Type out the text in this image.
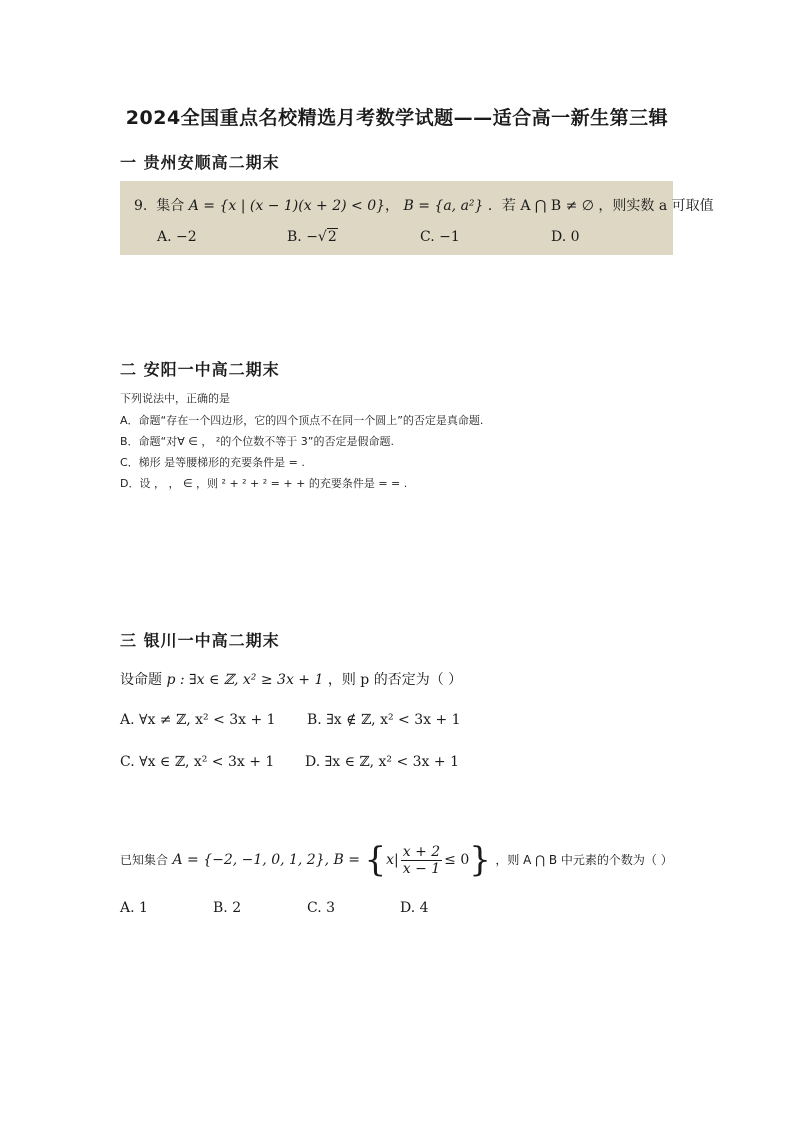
2024全国重点名校精选月考数学试题——适合高一新生第三辑
一 贵州安顺高二期末
9. 集合 A = {x | (x − 1)(x + 2) < 0}， B = {a, a²} ．若 A ⋂ B ≠ ∅ ，则实数 a 可取值
A. −2	B. −√2	C. −1	D. 0
二 安阳一中高二期末
下列说法中，正确的是
A．命题“存在一个四边形，它的四个顶点不在同一个圆上”的否定是真命题.
B．命题“对∀ ∈ ， ²的个位数不等于 3”的否定是假命题.
C．梯形 是等腰梯形的充要条件是 = .
D．设 ， ， ∈ ，则 ² + ² + ² = + + 的充要条件是 = = .
三 银川一中高二期末
设命题 p : ∃x ∈ ℤ, x² ≥ 3x + 1 ，则 p 的否定为（ ）
A. ∀x ≠ ℤ, x² < 3x + 1 B. ∃x ∉ ℤ, x² < 3x + 1
C. ∀x ∈ ℤ, x² < 3x + 1 D. ∃x ∈ ℤ, x² < 3x + 1
已知集合 A = {−2, −1, 0, 1, 2}, $B = \{x| \frac{x + 2}{x - 1} \le 0\}$ ，则 A ⋂ B 中元素的个数为（ ）
A. 1	B. 2	C. 3	D. 4
